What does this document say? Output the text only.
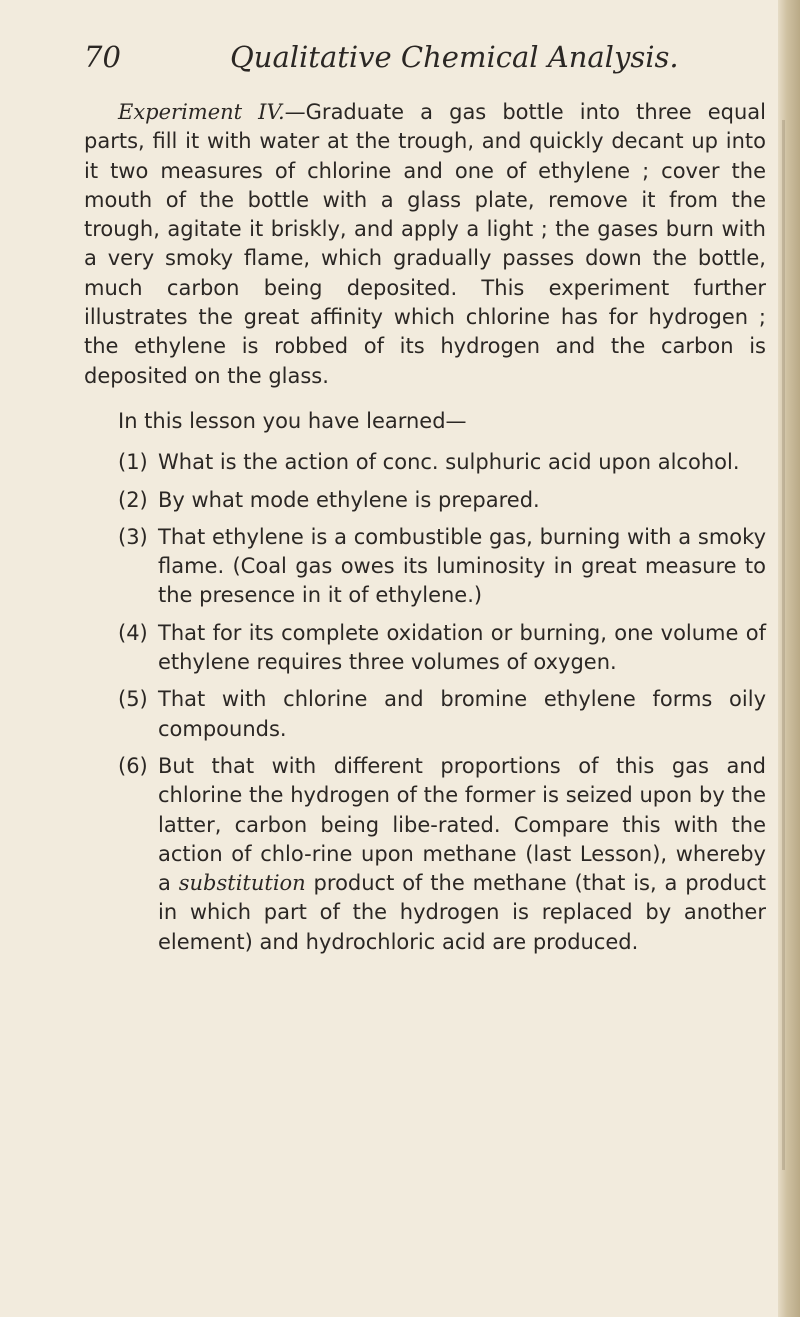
70	Qualitative Chemical Analysis.

Experiment IV.—Graduate a gas bottle into three equal parts, fill it with water at the trough, and quickly decant up into it two measures of chlorine and one of ethylene ; cover the mouth of the bottle with a glass plate, remove it from the trough, agitate it briskly, and apply a light ; the gases burn with a very smoky flame, which gradually passes down the bottle, much carbon being deposited. This experiment further illustrates the great affinity which chlorine has for hydrogen ; the ethylene is robbed of its hydrogen and the carbon is deposited on the glass.

In this lesson you have learned—

(1) What is the action of conc. sulphuric acid upon alcohol.
(2) By what mode ethylene is prepared.
(3) That ethylene is a combustible gas, burning with a smoky flame. (Coal gas owes its luminosity in great measure to the presence in it of ethylene.)
(4) That for its complete oxidation or burning, one volume of ethylene requires three volumes of oxygen.
(5) That with chlorine and bromine ethylene forms oily compounds.
(6) But that with different proportions of this gas and chlorine the hydrogen of the former is seized upon by the latter, carbon being libe-rated. Compare this with the action of chlo-rine upon methane (last Lesson), whereby a substitution product of the methane (that is, a product in which part of the hydrogen is replaced by another element) and hydrochloric acid are produced.
